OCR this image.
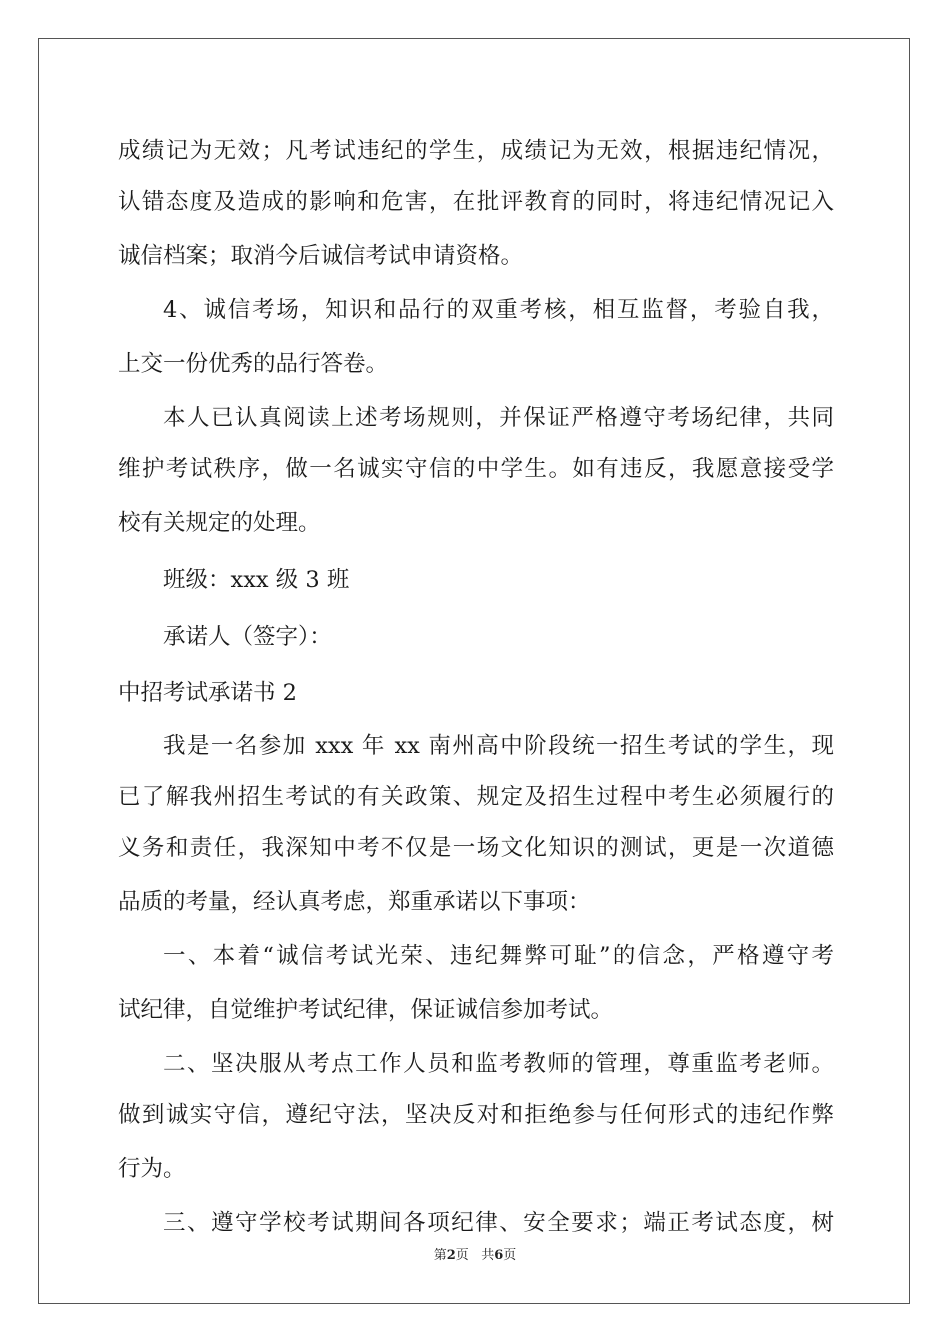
成绩记为无效；凡考试违纪的学生，成绩记为无效，根据违纪情况，
认错态度及造成的影响和危害，在批评教育的同时，将违纪情况记入
诚信档案；取消今后诚信考试申请资格。
4、诚信考场，知识和品行的双重考核，相互监督，考验自我，
上交一份优秀的品行答卷。
本人已认真阅读上述考场规则，并保证严格遵守考场纪律，共同
维护考试秩序，做一名诚实守信的中学生。如有违反，我愿意接受学
校有关规定的处理。
班级：xxx 级 3 班
承诺人（签字）：
中招考试承诺书 2
我是一名参加 xxx 年 xx 南州高中阶段统一招生考试的学生，现
已了解我州招生考试的有关政策、规定及招生过程中考生必须履行的
义务和责任，我深知中考不仅是一场文化知识的测试，更是一次道德
品质的考量，经认真考虑，郑重承诺以下事项：
一、本着“诚信考试光荣、违纪舞弊可耻”的信念，严格遵守考
试纪律，自觉维护考试纪律，保证诚信参加考试。
二、坚决服从考点工作人员和监考教师的管理，尊重监考老师。
做到诚实守信，遵纪守法，坚决反对和拒绝参与任何形式的违纪作弊
行为。
三、遵守学校考试期间各项纪律、安全要求；端正考试态度，树
第2页   共6页
